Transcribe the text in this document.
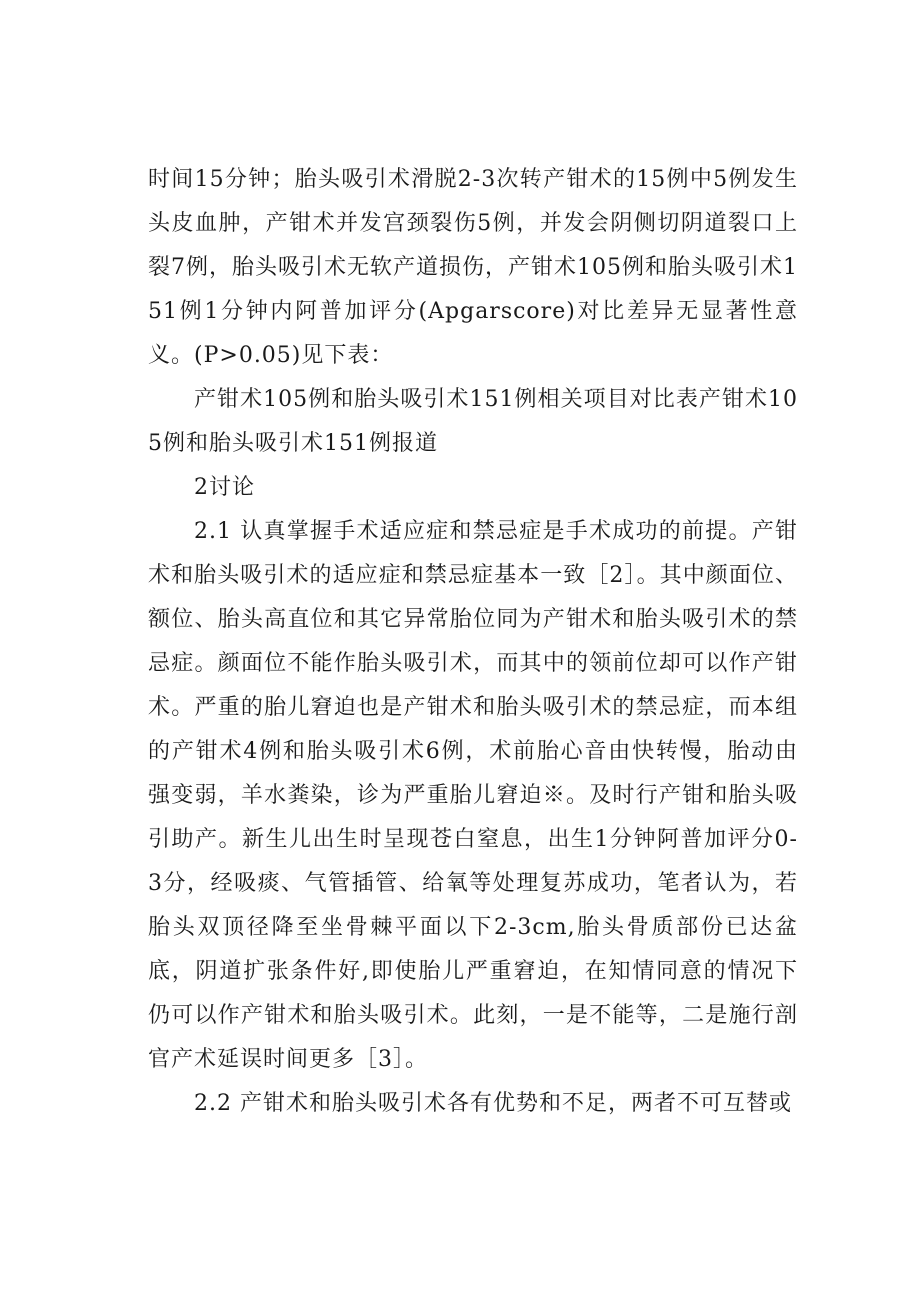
时间15分钟；胎头吸引术滑脱2-3次转产钳术的15例中5例发生头皮血肿，产钳术并发宫颈裂伤5例，并发会阴侧切阴道裂口上裂7例，胎头吸引术无软产道损伤，产钳术105例和胎头吸引术151例1分钟内阿普加评分(Apgarscore)对比差异无显著性意义。(P>0.05)见下表：

产钳术105例和胎头吸引术151例相关项目对比表产钳术105例和胎头吸引术151例报道

2讨论

2.1 认真掌握手术适应症和禁忌症是手术成功的前提。产钳术和胎头吸引术的适应症和禁忌症基本一致［2］。其中颜面位、额位、胎头高直位和其它异常胎位同为产钳术和胎头吸引术的禁忌症。颜面位不能作胎头吸引术，而其中的领前位却可以作产钳术。严重的胎儿窘迫也是产钳术和胎头吸引术的禁忌症，而本组的产钳术4例和胎头吸引术6例，术前胎心音由快转慢，胎动由强变弱，羊水粪染，诊为严重胎儿窘迫※。及时行产钳和胎头吸引助产。新生儿出生时呈现苍白窒息，出生1分钟阿普加评分0-3分，经吸痰、气管插管、给氧等处理复苏成功，笔者认为，若胎头双顶径降至坐骨棘平面以下2-3cm,胎头骨质部份已达盆底，阴道扩张条件好,即使胎儿严重窘迫，在知情同意的情况下仍可以作产钳术和胎头吸引术。此刻，一是不能等，二是施行剖官产术延误时间更多［3］。

2.2 产钳术和胎头吸引术各有优势和不足，两者不可互替或
